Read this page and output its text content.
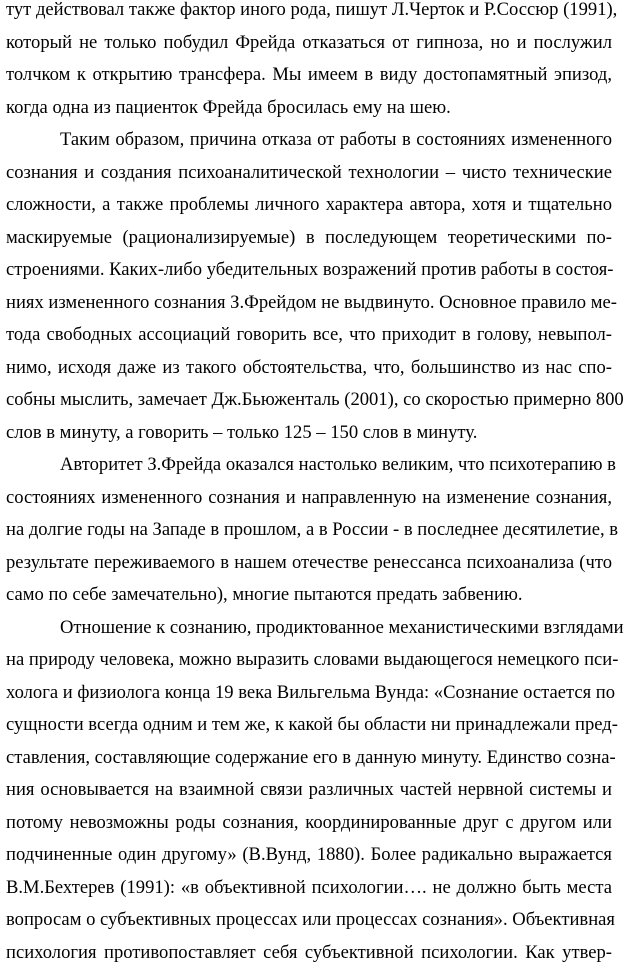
тут действовал также фактор иного рода, пишут Л.Черток и Р.Соссюр (1991),
который не только побудил Фрейда отказаться от гипноза, но и послужил
толчком к открытию трансфера. Мы имеем в виду достопамятный эпизод,
когда одна из пациенток Фрейда бросилась ему на шею.
Таким образом, причина отказа от работы в состояниях измененного
сознания и создания психоаналитической технологии – чисто технические
сложности, а также проблемы личного характера автора, хотя и тщательно
маскируемые (рационализируемые) в последующем теоретическими по-
строениями. Каких-либо убедительных возражений против работы в состоя-
ниях измененного сознания З.Фрейдом не выдвинуто. Основное правило ме-
тода свободных ассоциаций говорить все, что приходит в голову, невыпол-
нимо, исходя даже из такого обстоятельства, что, большинство из нас спо-
собны мыслить, замечает Дж.Бьюженталь (2001), со скоростью примерно 800
слов в минуту, а говорить – только 125 – 150 слов в минуту.
Авторитет З.Фрейда оказался настолько великим, что психотерапию в
состояниях измененного сознания и направленную на изменение сознания,
на долгие годы на Западе в прошлом, а в России - в последнее десятилетие, в
результате переживаемого в нашем отечестве ренессанса психоанализа (что
само по себе замечательно), многие пытаются предать забвению.
Отношение к сознанию, продиктованное механистическими взглядами
на природу человека, можно выразить словами выдающегося немецкого пси-
холога и физиолога конца 19 века Вильгельма Вунда: «Сознание остается по
сущности всегда одним и тем же, к какой бы области ни принадлежали пред-
ставления, составляющие содержание его в данную минуту. Единство созна-
ния основывается на взаимной связи различных частей нервной системы и
потому невозможны роды сознания, координированные друг с другом или
подчиненные один другому» (В.Вунд, 1880). Более радикально выражается
В.М.Бехтерев (1991): «в объективной психологии…. не должно быть места
вопросам о субъективных процессах или процессах сознания». Объективная
психология противопоставляет себя субъективной психологии. Как утвер-
